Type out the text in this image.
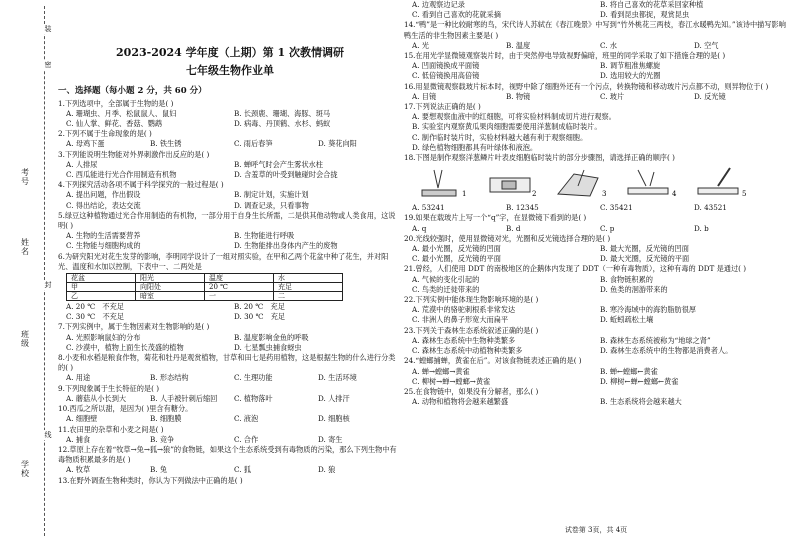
考号
姓名
班级
学校
密
封
线
装
2023-2024 学年度（上期）第 1 次教情调研
七年级生物作业单
一、选择题（每小题 2 分，共 60 分）
1.下列选项中，全部属于生物的是( )
A. 珊瑚虫、月季、松鼠鼠人、鼠妇	B. 长颈鹿、珊瑚、海豚、斑马
C. 仙人掌、鲜花、香菇、鹦鹉	D. 病毒、丹顶鹤、水杉、蚂蚁
2.下列不属于生命现象的是( )
A. 母鸡下蛋	B. 铁生锈	C. 雨后春笋	D. 葵花向阳
3.下列能说明生物能对外界刺激作出反应的是( )
A. 人排尿	B. 蝉呼气时会产生雾状水柱
C. 西瓜能进行光合作用制造有机物	D. 含羞草的叶受到触碰时会合拢
4.下列探究活动各项不属于科学探究的一般过程是( )
A. 提出问题，作出假设	B. 制定计划，实施计划
C. 得出结论，表达交流	D. 调查记录，只看事物
5.绿豆这种植物通过光合作用制造的有机物，一部分用于自身生长所需，二是供其他动物或人类食用，这说明( )
A. 生物的生活需要营养	B. 生物能进行呼吸
C. 生物能与细胞构成的	D. 生物能排出身体内产生的废物
6.为研究阳光对花生发芽的影响，李明同学设计了一组对照实验，在甲和乙两个花盆中种了花生，并对阳光、温度和水加以控制，下表中一、二两处是
花盆	阳光	温度	水
甲	向阳处	20 ℃	充足
乙	暗室	一	二
A. 20 ℃　不充足	B. 20 ℃　充足
C. 30 ℃　不充足	D. 30 ℃　充足
7.下列实例中，属于生物因素对生物影响的是( )
A. 光照影响鼠妇的分布	B. 温度影响金鱼的呼吸
C. 沙漠中，植物上面生长茂盛的植物	D. 七星瓢虫捕食蚜虫
8.小麦和水稻是粮食作物，菊花和牡丹是观赏植物，甘草和田七是药用植物，这是根据生物的什么进行分类的( )
A. 用途	B. 形态结构	C. 生理功能	D. 生活环境
9.下列现象属于生长特征的是( )
A. 蘑菇从小长到大	B. 人手被针刺后缩回	C. 植物落叶	D. 人排汗
10.西瓜之所以甜，是因为( )里含有糖分。
A. 细胞壁	B. 细胞膜	C. 液泡	D. 细胞核
11.农田里的杂草和小麦之间是( )
A. 捕食	B. 竞争	C. 合作	D. 寄生
12.草原上存在着“牧草→兔→狐→狼”的食物链，如果这个生态系统受到有毒物质的污染，那么下列生物中有毒物质积累最多的是( )
A. 牧草	B. 兔	C. 狐	D. 狼
13.在野外调查生物种类时，你认为下列做法中正确的是( )
A. 边观察边记录	B. 将自己喜欢的花草采回家种植
C. 看到自己喜欢的花就采摘	D. 看到昆虫都捉，观赏昆虫
14.“鸭”是一种比较耐寒的鸟，宋代诗人苏轼在《春江晚景》中写到“竹外桃花三两枝，春江水暖鸭先知。”该诗中描写影响鸭生活的非生物因素主要是( )
A. 光	B. 温度	C. 水	D. 空气
15.在用光学显微镜观察装片时，由于突然停电导致视野偏暗，班里的同学采取了如下措施合理的是( )
A. 凹面镜换成平面镜	B. 调节粗准焦螺旋
C. 低倍镜换用高倍镜	D. 选用较大的光圈
16.用显微镜观察载玻片标本时，视野中除了细胞外还有一个污点，转换物镜和移动玻片污点都不动，则异物位于( )
A. 目镜	B. 物镜	C. 玻片	D. 反光镜
17.下列说法正确的是( )
A. 要想观察血液中的红细胞，可将实验材料制成切片进行观察。
B. 实验室内观察黄瓜果肉细胞需要使用洋葱制成临时装片。
C. 制作临时装片时，实验材料越大越有利于观察细胞。
D. 绿色植物细胞都具有叶绿体和液泡。
18.下图是制作观察洋葱鳞片叶表皮细胞临时装片的部分步骤图，请选择正确的顺序( )
1	2	3	4	5
A. 53241	B. 12345	C. 35421	D. 43521
19.如果在载玻片上写一个“q”字，在显微镜下看到的是( )
A. q	B. d	C. p	D. b
20.光线较强时，使用显微镜对光，光圈和反光镜选择合理的是( )
A. 最小光圈，反光镜的凹面	B. 最大光圈，反光镜的凹面
C. 最小光圈，反光镜的平面	D. 最大光圈，反光镜的平面
21.曾经，人们使用 DDT 的南极地区的企鹅体内发现了 DDT（一种有毒物质），这种有毒的 DDT 是通过( )
A. 气候的变化引起的	B. 食物链积累的
C. 鸟类的迁徙带来的	D. 鱼类的洄游带来的
22.下列实例中能体现生物影响环境的是( )
A. 荒漠中的骆驼刺根系非常发达	B. 寒冷海域中的海豹脂肪很厚
C. 非洲人的鼻子形宽大而扁平	D. 蚯蚓疏松土壤
23.下列关于森林生态系统叙述正确的是( )
A. 森林生态系统中生物种类繁多	B. 森林生态系统被称为“地球之肾”
C. 森林生态系统中动植物种类繁多	D. 森林生态系统中的生物都是消费者人。
24.“螳螂捕蝉，黄雀在后”。对该食物链表述正确的是( )
A. 蝉→螳螂→黄雀	B. 蝉←螳螂←黄雀
C. 柳树→蝉→螳螂→黄雀	D. 柳树←蝉←螳螂←黄雀
25.在食物链中，如果没有分解者，那么( )
A. 动物和植物将会越来越繁盛	B. 生态系统将会越来越大
试卷第 3页，共 4页
